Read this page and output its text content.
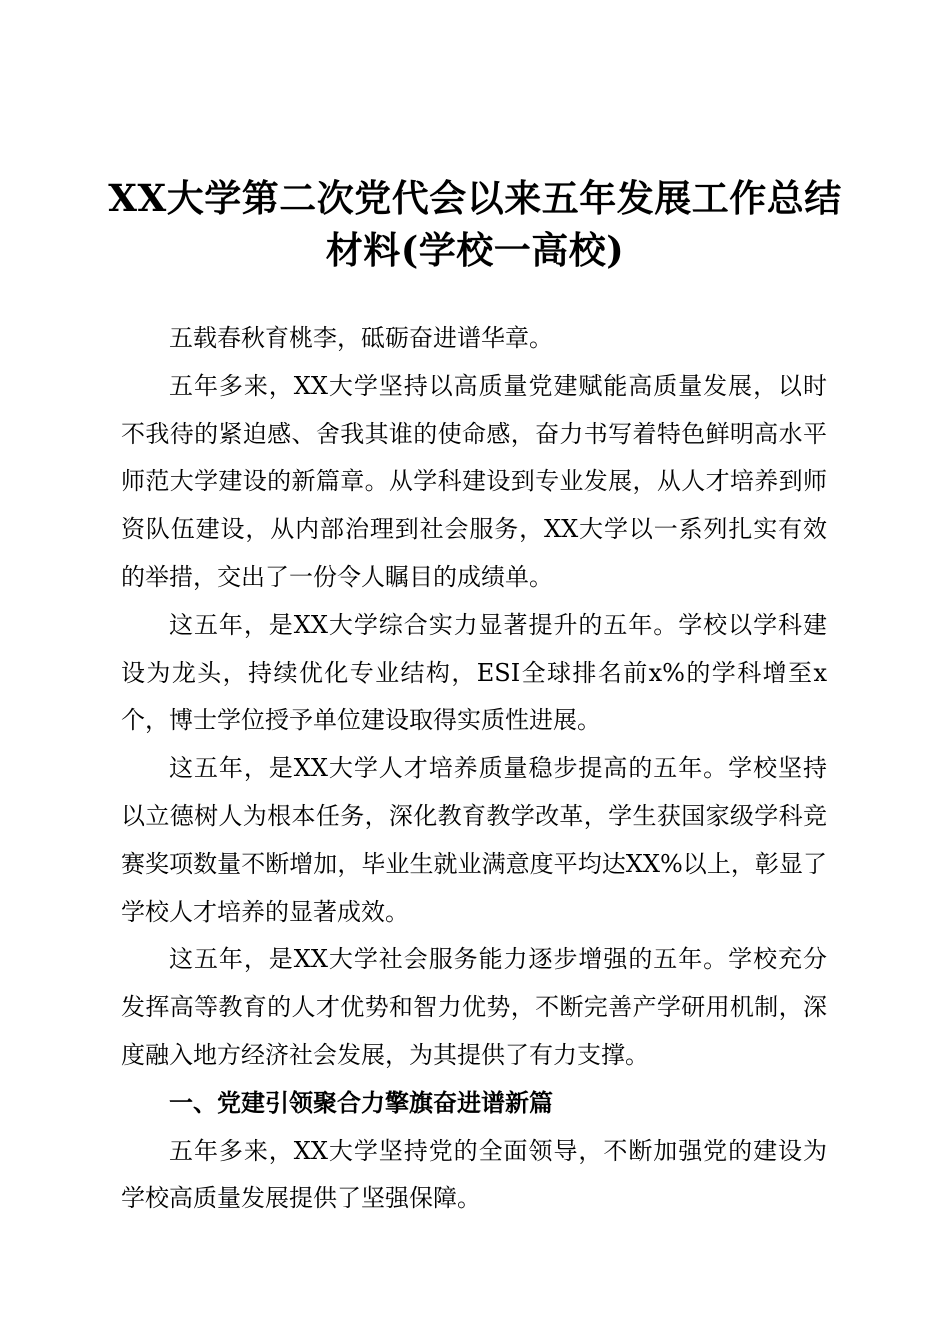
XX大学第二次党代会以来五年发展工作总结
材料(学校一高校)

五载春秋育桃李，砥砺奋进谱华章。

五年多来，XX大学坚持以高质量党建赋能高质量发展，以时不我待的紧迫感、舍我其谁的使命感，奋力书写着特色鲜明高水平师范大学建设的新篇章。从学科建设到专业发展，从人才培养到师资队伍建设，从内部治理到社会服务，XX大学以一系列扎实有效的举措，交出了一份令人瞩目的成绩单。

这五年，是XX大学综合实力显著提升的五年。学校以学科建设为龙头，持续优化专业结构，ESI全球排名前x%的学科增至x个，博士学位授予单位建设取得实质性进展。

这五年，是XX大学人才培养质量稳步提高的五年。学校坚持以立德树人为根本任务，深化教育教学改革，学生获国家级学科竞赛奖项数量不断增加，毕业生就业满意度平均达XX%以上，彰显了学校人才培养的显著成效。

这五年，是XX大学社会服务能力逐步增强的五年。学校充分发挥高等教育的人才优势和智力优势，不断完善产学研用机制，深度融入地方经济社会发展，为其提供了有力支撑。

一、党建引领聚合力擎旗奋进谱新篇

五年多来，XX大学坚持党的全面领导，不断加强党的建设为学校高质量发展提供了坚强保障。
